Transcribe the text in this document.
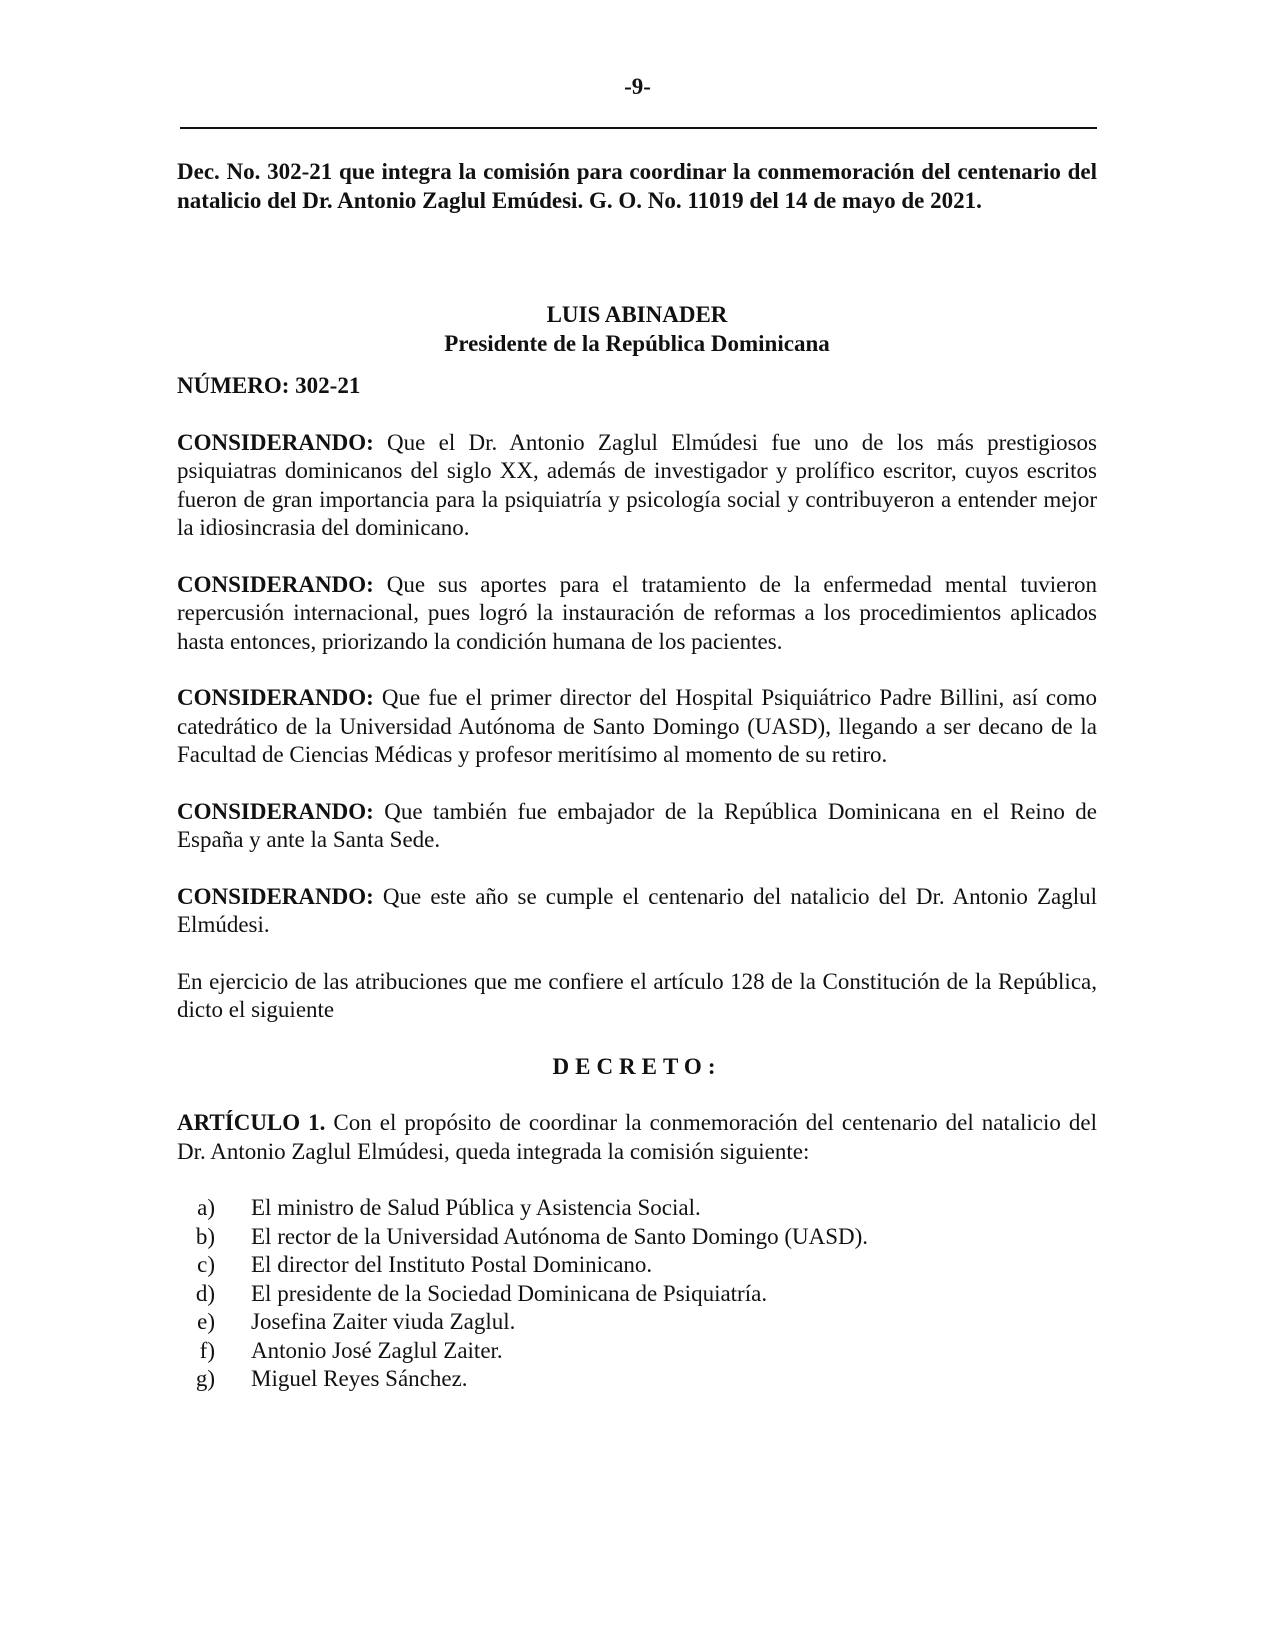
-9-

Dec. No. 302-21 que integra la comisión para coordinar la conmemoración del centenario del natalicio del Dr. Antonio Zaglul Emúdesi. G. O. No. 11019 del 14 de mayo de 2021.

LUIS ABINADER
Presidente de la República Dominicana
NÚMERO: 302-21

CONSIDERANDO: Que el Dr. Antonio Zaglul Elmúdesi fue uno de los más prestigiosos psiquiatras dominicanos del siglo XX, además de investigador y prolífico escritor, cuyos escritos fueron de gran importancia para la psiquiatría y psicología social y contribuyeron a entender mejor la idiosincrasia del dominicano.

CONSIDERANDO: Que sus aportes para el tratamiento de la enfermedad mental tuvieron repercusión internacional, pues logró la instauración de reformas a los procedimientos aplicados hasta entonces, priorizando la condición humana de los pacientes.

CONSIDERANDO: Que fue el primer director del Hospital Psiquiátrico Padre Billini, así como catedrático de la Universidad Autónoma de Santo Domingo (UASD), llegando a ser decano de la Facultad de Ciencias Médicas y profesor meritísimo al momento de su retiro.

CONSIDERANDO: Que también fue embajador de la República Dominicana en el Reino de España y ante la Santa Sede.

CONSIDERANDO: Que este año se cumple el centenario del natalicio del Dr. Antonio Zaglul Elmúdesi.

En ejercicio de las atribuciones que me confiere el artículo 128 de la Constitución de la República, dicto el siguiente

DECRETO:

ARTÍCULO 1. Con el propósito de coordinar la conmemoración del centenario del natalicio del Dr. Antonio Zaglul Elmúdesi, queda integrada la comisión siguiente:

a) El ministro de Salud Pública y Asistencia Social.
b) El rector de la Universidad Autónoma de Santo Domingo (UASD).
c) El director del Instituto Postal Dominicano.
d) El presidente de la Sociedad Dominicana de Psiquiatría.
e) Josefina Zaiter viuda Zaglul.
f) Antonio José Zaglul Zaiter.
g) Miguel Reyes Sánchez.
